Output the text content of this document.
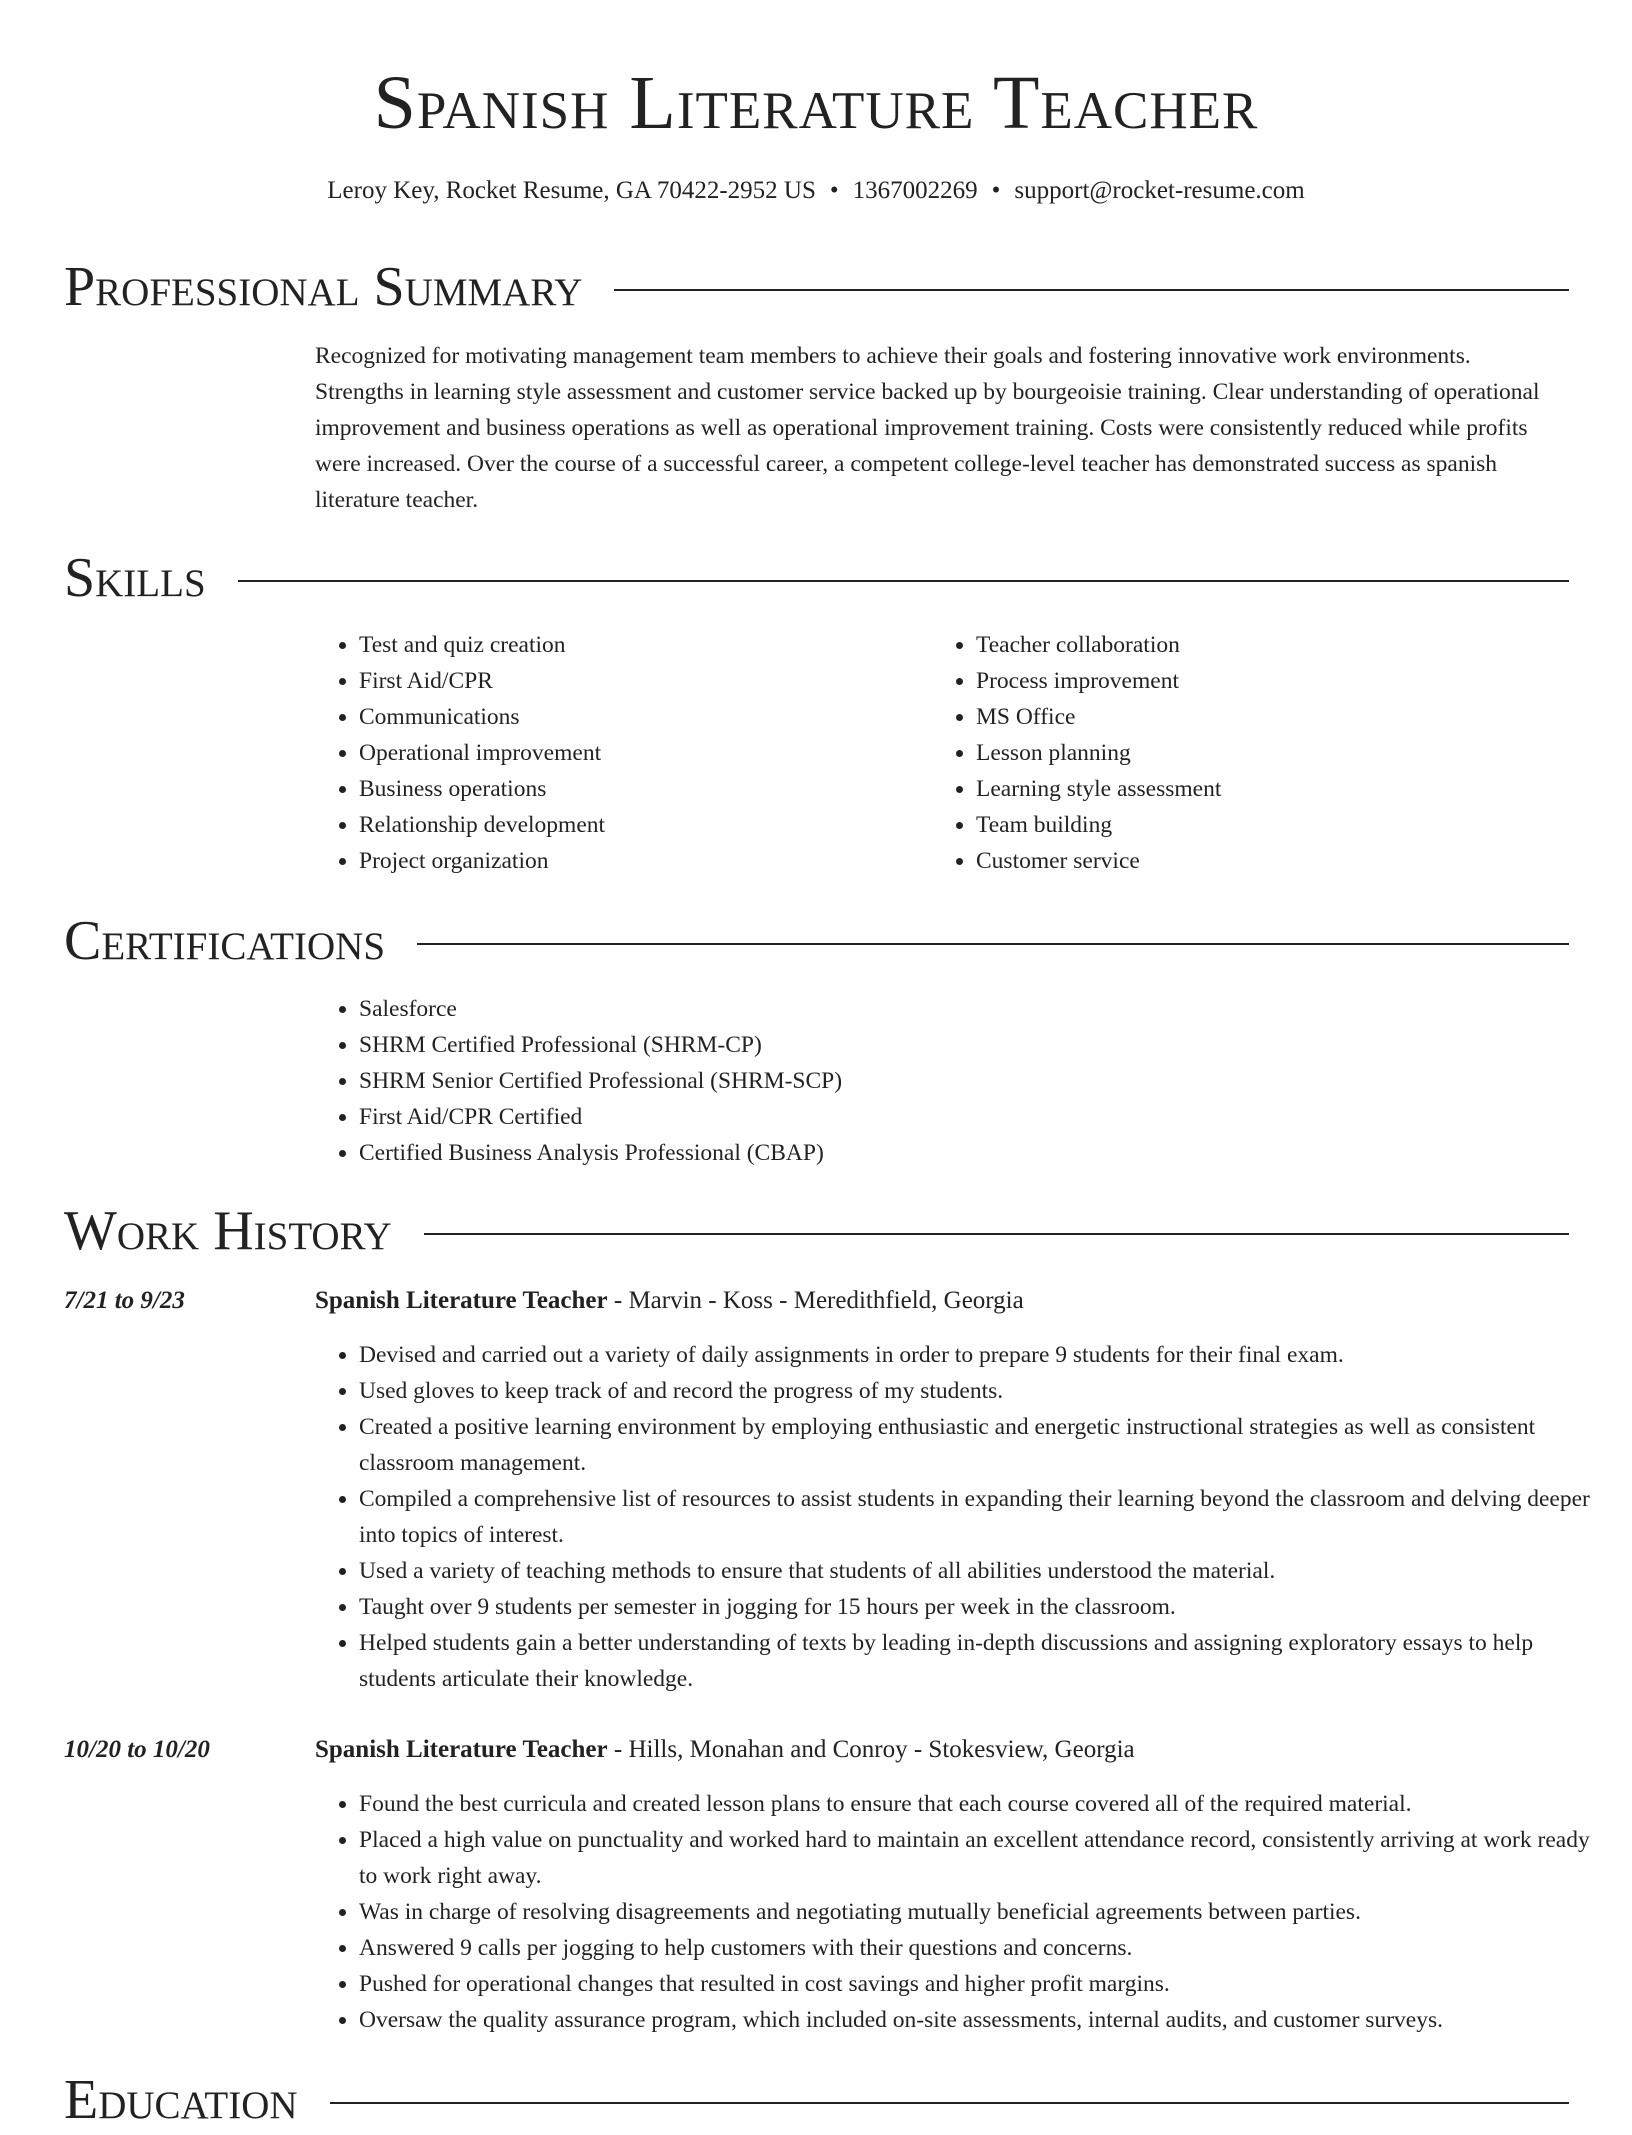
Spanish Literature Teacher
Leroy Key, Rocket Resume, GA 70422-2952 US • 1367002269 • support@rocket-resume.com
Professional Summary

Recognized for motivating management team members to achieve their goals and fostering innovative work environments. Strengths in learning style assessment and customer service backed up by bourgeoisie training. Clear understanding of operational improvement and business operations as well as operational improvement training. Costs were consistently reduced while profits were increased. Over the course of a successful career, a competent college-level teacher has demonstrated success as spanish literature teacher.

Skills
• Test and quiz creation
• First Aid/CPR
• Communications
• Operational improvement
• Business operations
• Relationship development
• Project organization
• Teacher collaboration
• Process improvement
• MS Office
• Lesson planning
• Learning style assessment
• Team building
• Customer service
Certifications
• Salesforce
• SHRM Certified Professional (SHRM-CP)
• SHRM Senior Certified Professional (SHRM-SCP)
• First Aid/CPR Certified
• Certified Business Analysis Professional (CBAP)
Work History
7/21 to 9/23	Spanish Literature Teacher - Marvin - Koss - Meredithfield, Georgia
• Devised and carried out a variety of daily assignments in order to prepare 9 students for their final exam.
• Used gloves to keep track of and record the progress of my students.
• Created a positive learning environment by employing enthusiastic and energetic instructional strategies as well as consistent classroom management.
• Compiled a comprehensive list of resources to assist students in expanding their learning beyond the classroom and delving deeper into topics of interest.
• Used a variety of teaching methods to ensure that students of all abilities understood the material.
• Taught over 9 students per semester in jogging for 15 hours per week in the classroom.
• Helped students gain a better understanding of texts by leading in-depth discussions and assigning exploratory essays to help students articulate their knowledge.
10/20 to 10/20	Spanish Literature Teacher - Hills, Monahan and Conroy - Stokesview, Georgia
• Found the best curricula and created lesson plans to ensure that each course covered all of the required material.
• Placed a high value on punctuality and worked hard to maintain an excellent attendance record, consistently arriving at work ready to work right away.
• Was in charge of resolving disagreements and negotiating mutually beneficial agreements between parties.
• Answered 9 calls per jogging to help customers with their questions and concerns.
• Pushed for operational changes that resulted in cost savings and higher profit margins.
• Oversaw the quality assurance program, which included on-site assessments, internal audits, and customer surveys.
Education
